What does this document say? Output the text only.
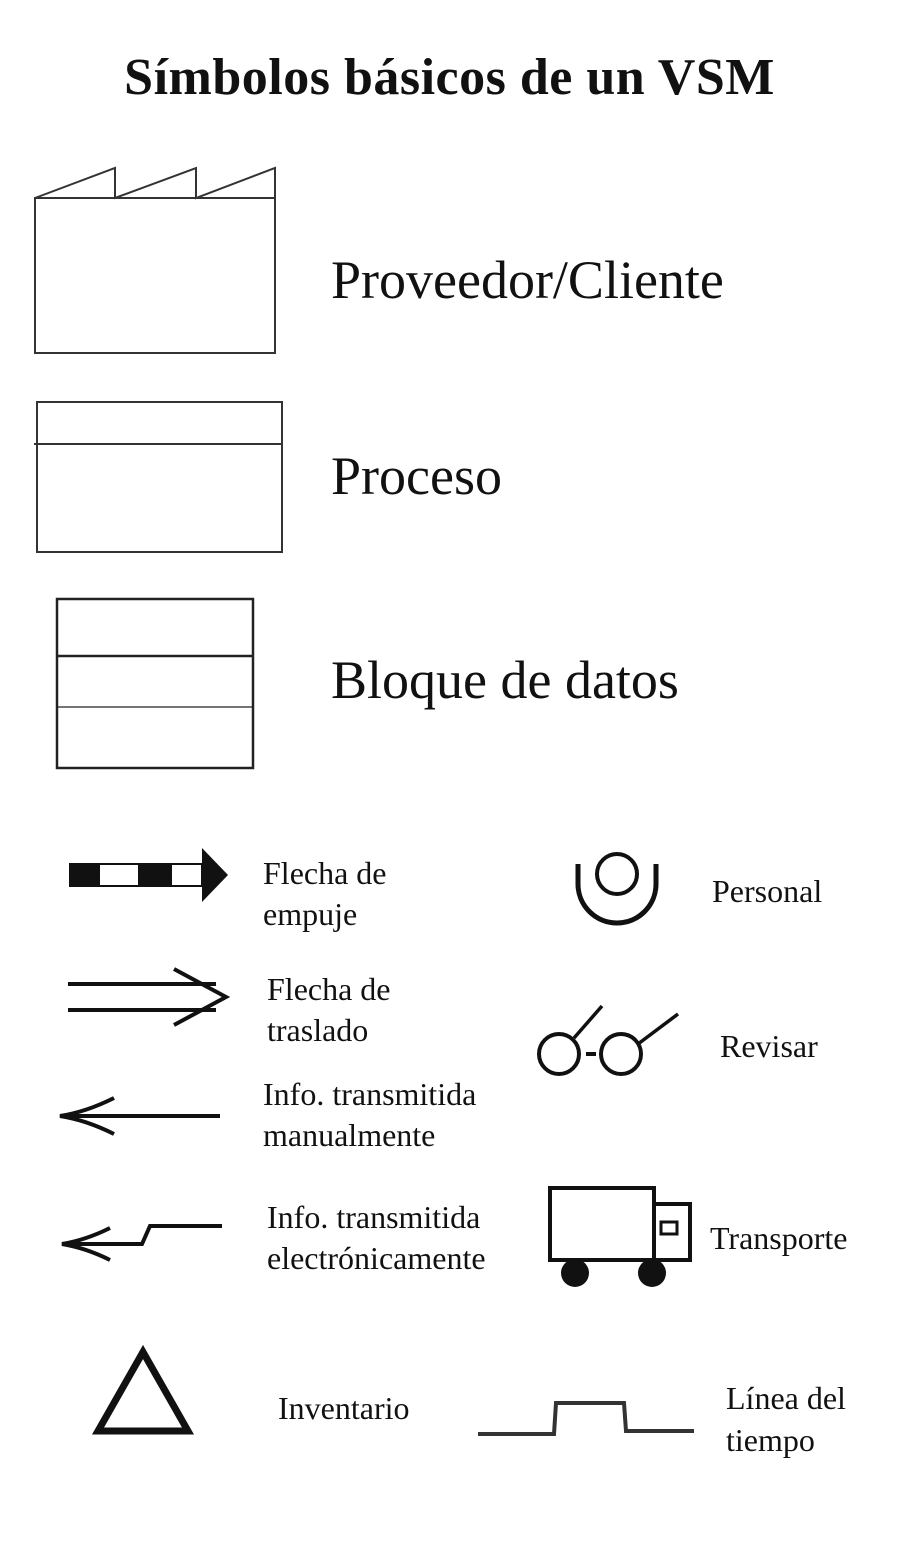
Símbolos básicos de un VSM
Proveedor/Cliente
Proceso
Bloque de datos
Flecha de
empuje
Flecha de
traslado
Info. transmitida
manualmente
Info. transmitida
electrónicamente
Inventario
Personal
Revisar
Transporte
Línea del
tiempo
